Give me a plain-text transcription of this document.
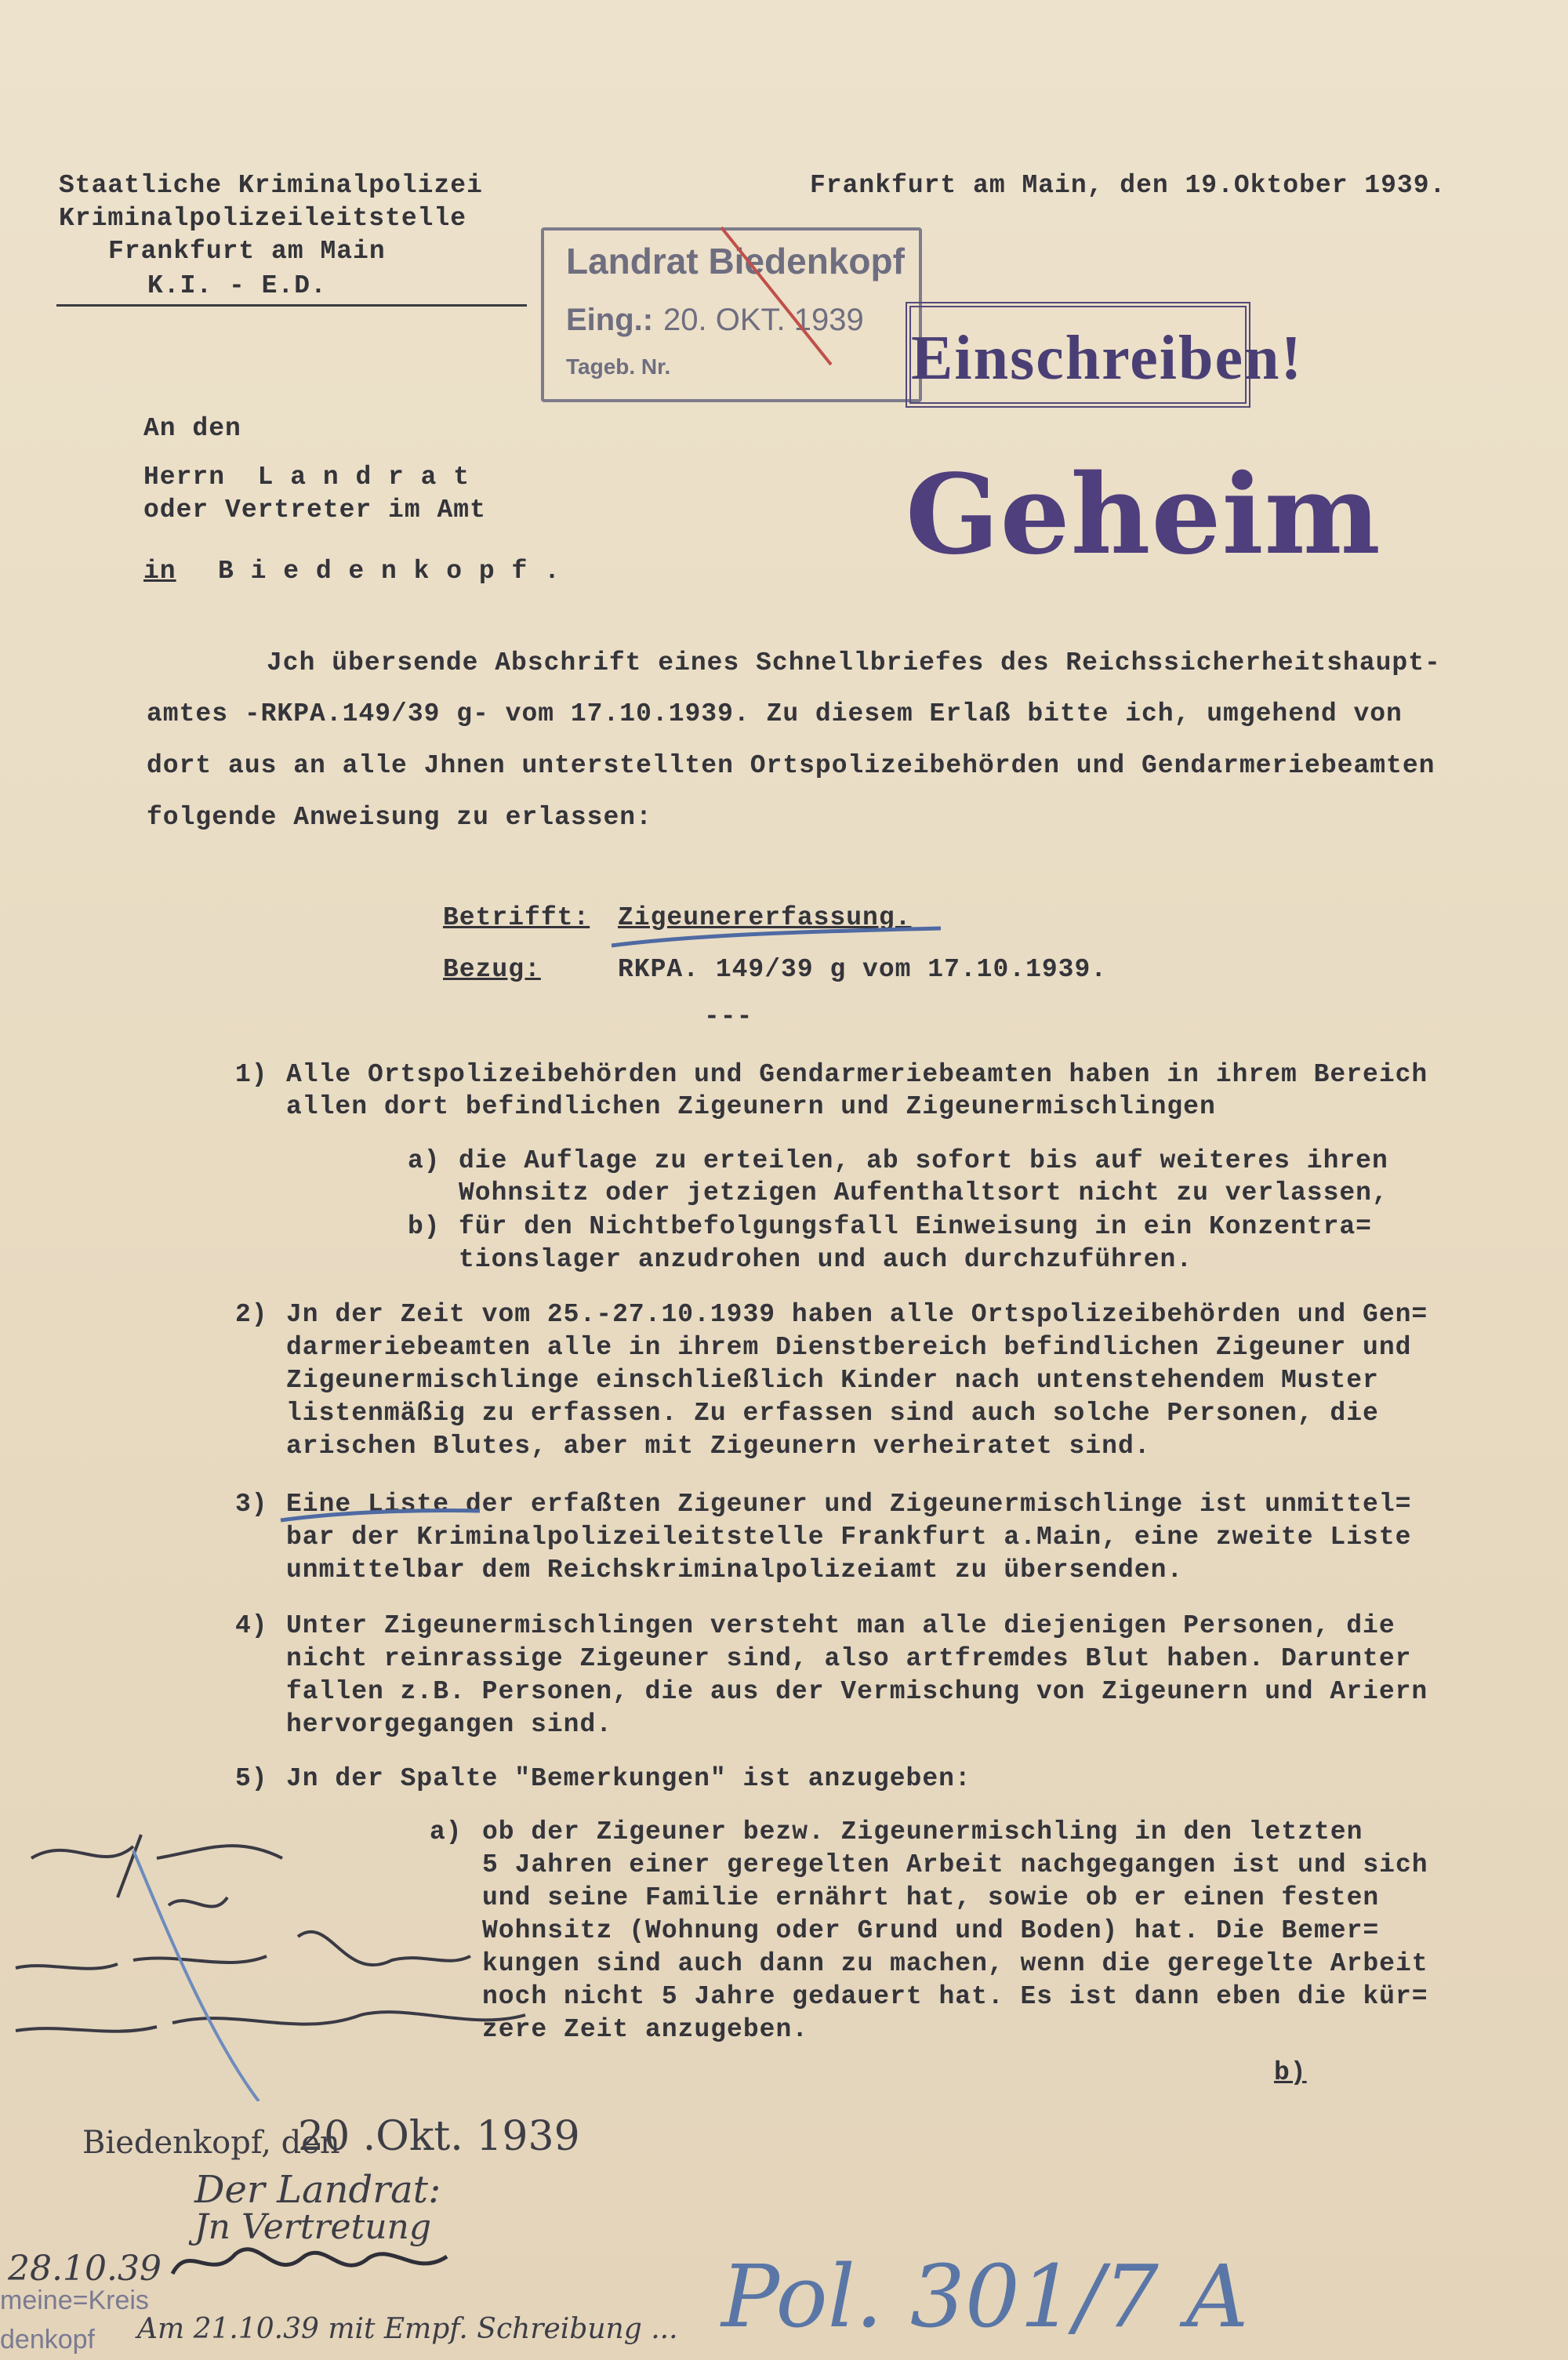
Staatliche Kriminalpolizei
Kriminalpolizeileitstelle
Frankfurt am Main
K.I. - E.D.
Frankfurt am Main, den 19.Oktober 1939.
Landrat Biedenkopf
Eing.: 20. OKT. 1939
Tageb. Nr.	Einschreiben!
Geheim
An den
Herrn  L a n d r a t
oder Vertreter im Amt
in B i e d e n k o p f .
Jch übersende Abschrift eines Schnellbriefes des Reichssicherheitshaupt-
amtes -RKPA.149/39 g- vom 17.10.1939. Zu diesem Erlaß bitte ich, umgehend von
dort aus an alle Jhnen unterstellten Ortspolizeibehörden und Gendarmeriebeamten
folgende Anweisung zu erlassen:
Betrifft: Zigeunererfassung.
Bezug:	RKPA. 149/39 g vom 17.10.1939.
---
1) Alle Ortspolizeibehörden und Gendarmeriebeamten haben in ihrem Bereich
allen dort befindlichen Zigeunern und Zigeunermischlingen
a) die Auflage zu erteilen, ab sofort bis auf weiteres ihren
Wohnsitz oder jetzigen Aufenthaltsort nicht zu verlassen,
b) für den Nichtbefolgungsfall Einweisung in ein Konzentra=
tionslager anzudrohen und auch durchzuführen.
2) Jn der Zeit vom 25.-27.10.1939 haben alle Ortspolizeibehörden und Gen=
darmeriebeamten alle in ihrem Dienstbereich befindlichen Zigeuner und
Zigeunermischlinge einschließlich Kinder nach untenstehendem Muster
listenmäßig zu erfassen. Zu erfassen sind auch solche Personen, die
arischen Blutes, aber mit Zigeunern verheiratet sind.
3) Eine Liste der erfaßten Zigeuner und Zigeunermischlinge ist unmittel=
bar der Kriminalpolizeileitstelle Frankfurt a.Main, eine zweite Liste
unmittelbar dem Reichskriminalpolizeiamt zu übersenden.
4) Unter Zigeunermischlingen versteht man alle diejenigen Personen, die
nicht reinrassige Zigeuner sind, also artfremdes Blut haben. Darunter
fallen z.B. Personen, die aus der Vermischung von Zigeunern und Ariern
hervorgegangen sind.
5) Jn der Spalte "Bemerkungen" ist anzugeben:
a) ob der Zigeuner bezw. Zigeunermischling in den letzten
5 Jahren einer geregelten Arbeit nachgegangen ist und sich
und seine Familie ernährt hat, sowie ob er einen festen
Wohnsitz (Wohnung oder Grund und Boden) hat. Die Bemer=
kungen sind auch dann zu machen, wenn die geregelte Arbeit
noch nicht 5 Jahre gedauert hat. Es ist dann eben die kür=
zere Zeit anzugeben.
b)
Biedenkopf, den
20 .Okt. 1939
Der Landrat:
Jn Vertretung
28.10.39
meine=Kreis
denkopf	Pol. 301/7 A
Am 21.10.39 mit Empf. Schreibung ...
